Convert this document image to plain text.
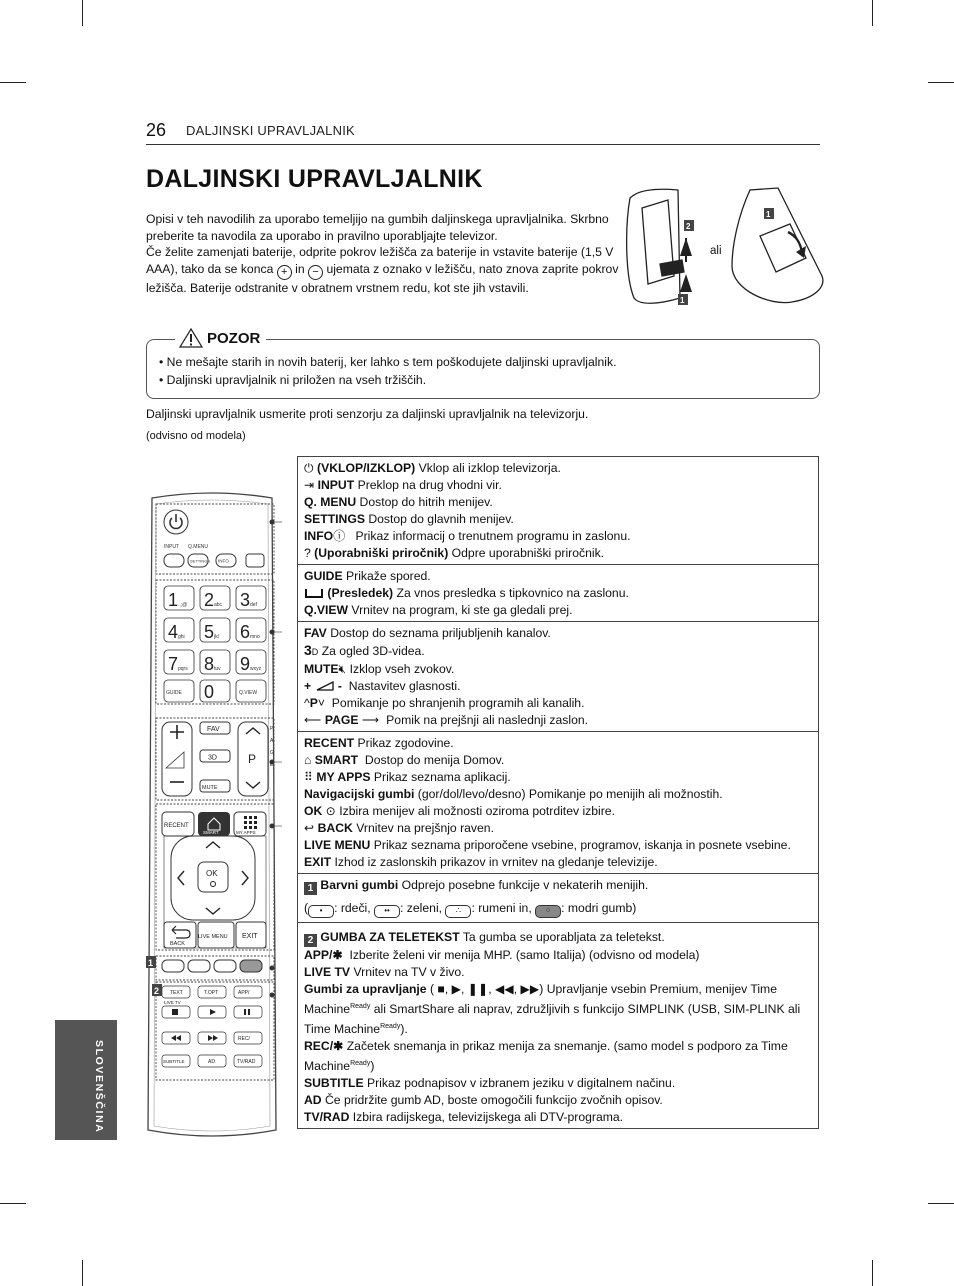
26 DALJINSKI UPRAVLJALNIK
DALJINSKI UPRAVLJALNIK

Opisi v teh navodilih za uporabo temeljijo na gumbih daljinskega upravljalnika. Skrbno preberite ta navodila za uporabo in pravilno uporabljajte televizor.

Če želite zamenjati baterije, odprite pokrov ležišča za baterije in vstavite baterije (1,5 V AAA), tako da se konca + in − ujemata z oznako v ležišču, nato znova zaprite pokrov ležišča. Baterije odstranite v obratnem vrstnem redu, kot ste jih vstavili.

2
1
1
ali
POZOR
• Ne mešajte starih in novih baterij, ker lahko s tem poškodujete daljinski upravljalnik.
• Daljinski upravljalnik ni priložen na vseh tržiščih.
Daljinski upravljalnik usmerite proti senzorju za daljinski upravljalnik na televizorju.
(odvisno od modela)
INPUT Q.MENU
SETTINGS INFO
1 2 3
4 5 6
7 8 9
0
.,;@	abc	def
ghi	jkl	mno
pqrs	tuv	wxyz
GUIDE	Q.VIEW
P
FAV
3D
MUTE
P
A
G
E
RECENT
SMART	MY APPS
OK
BACK
LIVE MENU EXIT
1
2 TEXT	T.OPT	APP/
LIVE TV
REC/
SUBTITLE	AD	TV/RAD
⏻ (VKLOP/IZKLOP) Vklop ali izklop televizorja.
⇥ INPUT Preklop na drug vhodni vir.
Q. MENU Dostop do hitrih menijev.
SETTINGS Dostop do glavnih menijev.
INFOⓘ Prikaz informacij o trenutnem programu in zaslonu.
? (Uporabniški priročnik) Odpre uporabniški priročnik.
GUIDE Prikaže spored.
(Presledek) Za vnos presledka s tipkovnico na zaslonu.
Q.VIEW Vrnitev na program, ki ste ga gledali prej.
FAV Dostop do seznama priljubljenih kanalov.
3D Za ogled 3D-videa.
MUTE🔇︎ Izklop vseh zvokov.
+ - Nastavitev glasnosti.
^P˅ Pomikanje po shranjenih programih ali kanalih.
⟵ PAGE ⟶ Pomik na prejšnji ali naslednji zaslon.
RECENT Prikaz zgodovine.
⌂ SMART Dostop do menija Domov.
⠿ MY APPS Prikaz seznama aplikacij.
Navigacijski gumbi (gor/dol/levo/desno) Pomikanje po menijih ali možnostih.
OK ⊙ Izbira menijev ali možnosti oziroma potrditev izbire.
↩ BACK Vrnitev na prejšnjo raven.
LIVE MENU Prikaz seznama priporočene vsebine, programov, iskanja in posnete vsebine.
EXIT Izhod iz zaslonskih prikazov in vrnitev na gledanje televizije.
1 Barvni gumbi Odprejo posebne funkcije v nekaterih menijih.
( • : rdeči, •• : zeleni, ∴ : rumeni in, ⁘ : modri gumb)
2 GUMBA ZA TELETEKST Ta gumba se uporabljata za teletekst.
APP/✱ Izberite želeni vir menija MHP. (samo Italija) (odvisno od modela)
LIVE TV Vrnitev na TV v živo.
Gumbi za upravljanje ( ■, ▶, ❚❚, ◀◀, ▶▶) Upravljanje vsebin Premium, menijev Time Machine$^{Ready}$ ali SmartShare ali naprav, združljivih s funkcijo SIMPLINK (USB, SIM-PLINK ali Time Machine$^{Ready}$).
REC/✱ Začetek snemanja in prikaz menija za snemanje. (samo model s podporo za Time Machine$^{Ready}$)
SUBTITLE Prikaz podnapisov v izbranem jeziku v digitalnem načinu.
AD Če pridržite gumb AD, boste omogočili funkcijo zvočnih opisov.
TV/RAD Izbira radijskega, televizijskega ali DTV-programa.
SLOVENŠČINA
